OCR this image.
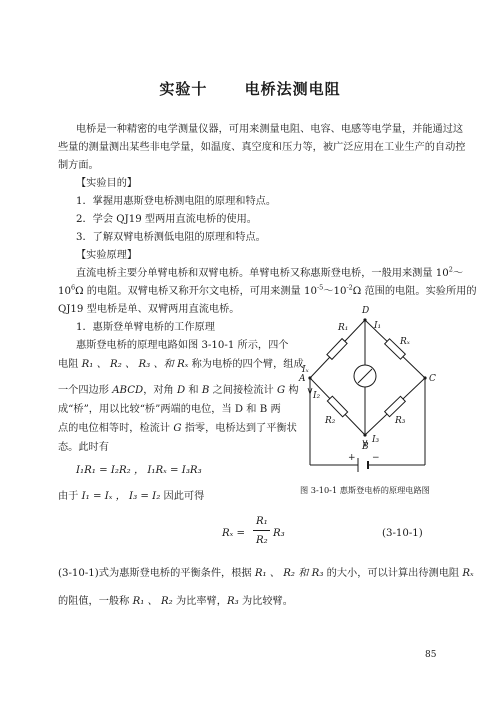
实验十 电桥法测电阻
电桥是一种精密的电学测量仪器，可用来测量电阻、电容、电感等电学量，并能通过这
些量的测量测出某些非电学量，如温度、真空度和压力等，被广泛应用在工业生产的自动控
制方面。
【实验目的】
1．掌握用惠斯登电桥测电阻的原理和特点。
2．学会 QJ19 型两用直流电桥的使用。
3．了解双臂电桥测低电阻的原理和特点。
【实验原理】
直流电桥主要分单臂电桥和双臂电桥。单臂电桥又称惠斯登电桥，一般用来测量 $10^2\sim$
$10^6\Omega$ 的电阻。双臂电桥又称开尔文电桥，可用来测量 $10^{-5}\sim 10^{-2}\Omega$ 范围的电阻。实验所用的
QJ19 型电桥是单、双臂两用直流电桥。
1．惠斯登单臂电桥的工作原理
惠斯登电桥的原理电路如图 3-10-1 所示，四个
电阻 R₁ 、 R₂ 、 R₃ 、和 Rₓ 称为电桥的四个臂，组成
一个四边形 ABCD，对角 D 和 B 之间接检流计 G 构
成“桥”，用以比较“桥”两端的电位，当 D 和 B 两
点的电位相等时，检流计 G 指零，电桥达到了平衡状
态。此时有
I₁R₁ = I₂R₂ ， I₁Rₓ = I₃R₃
由于 I₁ = Iₓ ， I₃ = I₂ 因此可得
Rₓ =
R₁
R₂
R₃	(3-10-1)
(3-10-1)式为惠斯登电桥的平衡条件，根据 R₁ 、 R₂ 和 R₃ 的大小，可以计算出待测电阻 Rₓ
的阻值，一般称 R₁ 、 R₂ 为比率臂，R₃ 为比较臂。
D
A	C
B
I₁
Iₓ
I₂
I₃
R₁
Rₓ
R₂	R₃
+ −
图 3-10-1 惠斯登电桥的原理电路图
85
